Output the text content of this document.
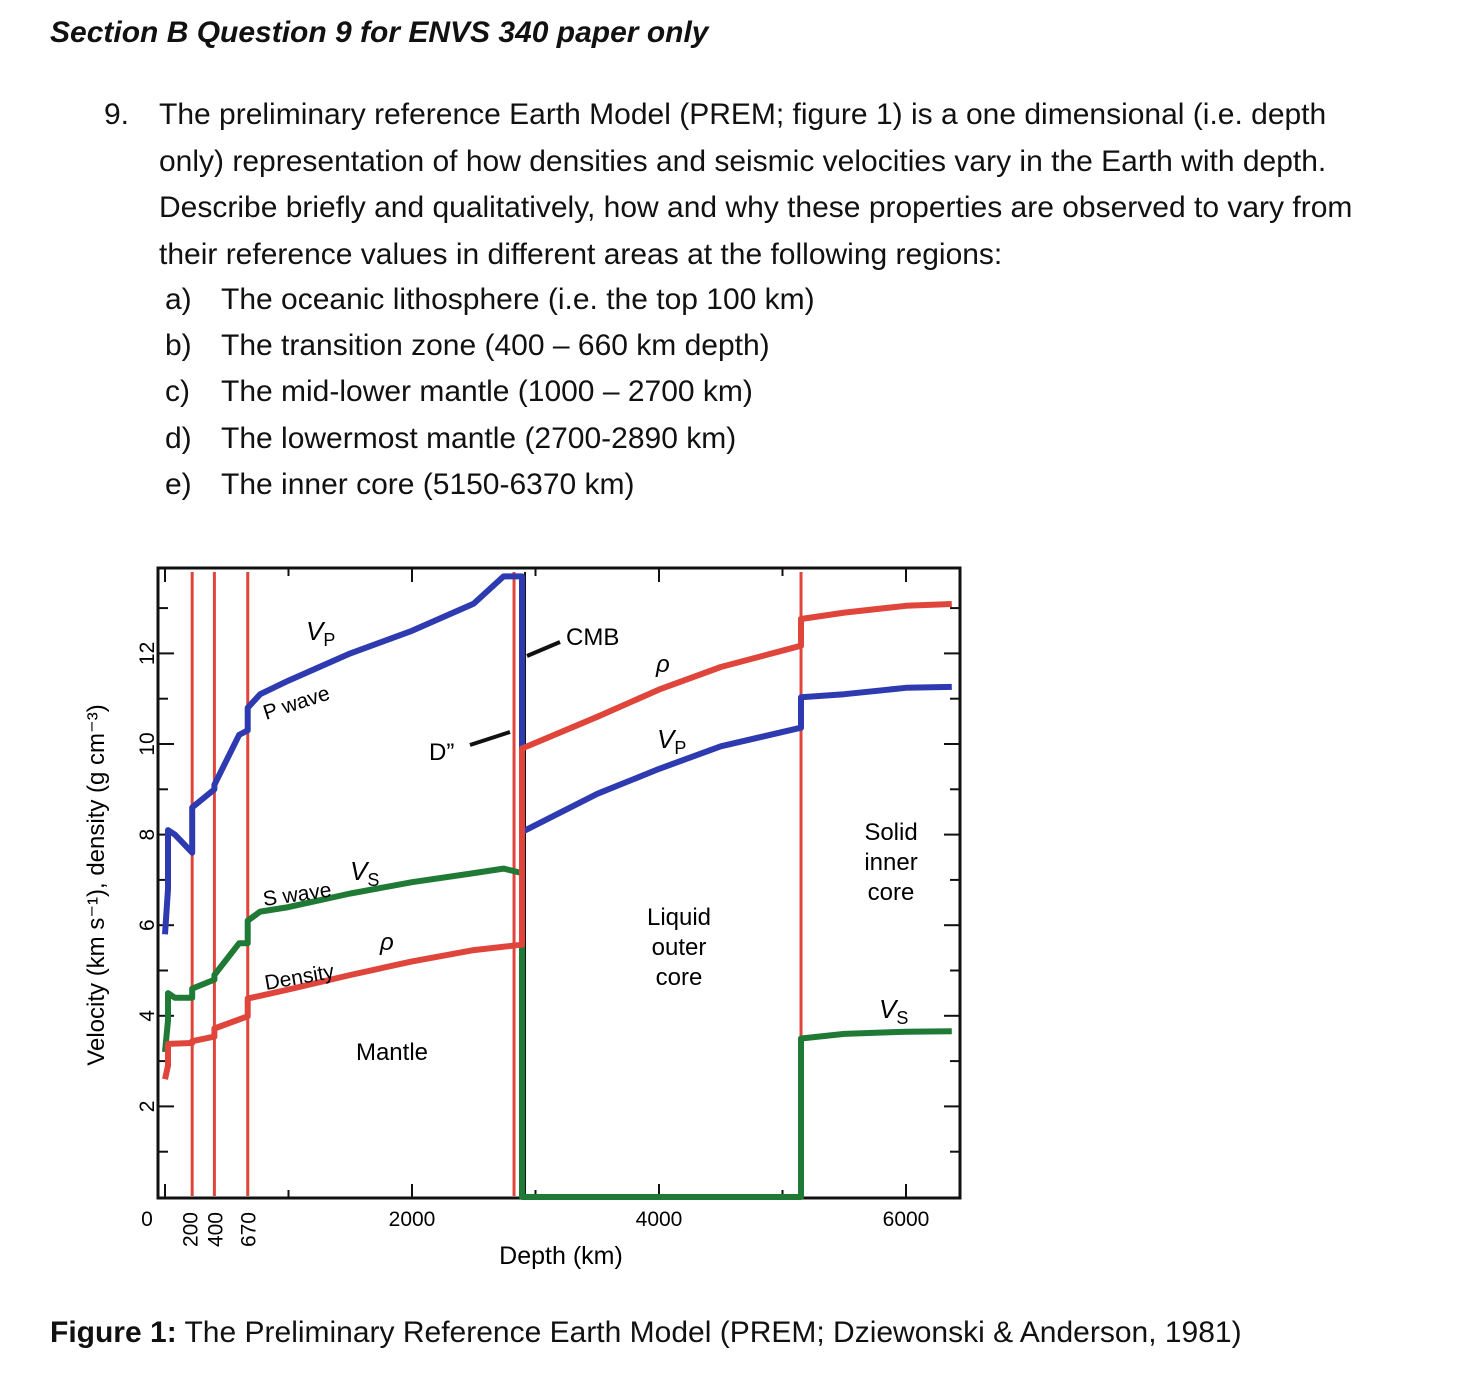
Section B Question 9 for ENVS 340 paper only
9. The preliminary reference Earth Model (PREM; figure 1) is a one dimensional (i.e. depth
only) representation of how densities and seismic velocities vary in the Earth with depth.
Describe briefly and qualitatively, how and why these properties are observed to vary from
their reference values in different areas at the following regions:
a) The oceanic lithosphere (i.e. the top 100 km)
b) The transition zone (400 – 660 km depth)
c)	The mid-lower mantle (1000 – 2700 km)
d) The lowermost mantle (2700-2890 km)
e) The inner core (5150-6370 km)
2
4
6
8
10
12
0	2000	4000	6000
200 400 670
Velocity (km s⁻¹), density (g cm⁻³)
Depth (km)
$V_P$
P wave
D”
$V_S$
S wave
ρ
Density
Mantle
CMB
ρ
$V_P$
Liquid outer core
Solid inner core
$V_S$
Figure 1: The Preliminary Reference Earth Model (PREM; Dziewonski & Anderson, 1981)
